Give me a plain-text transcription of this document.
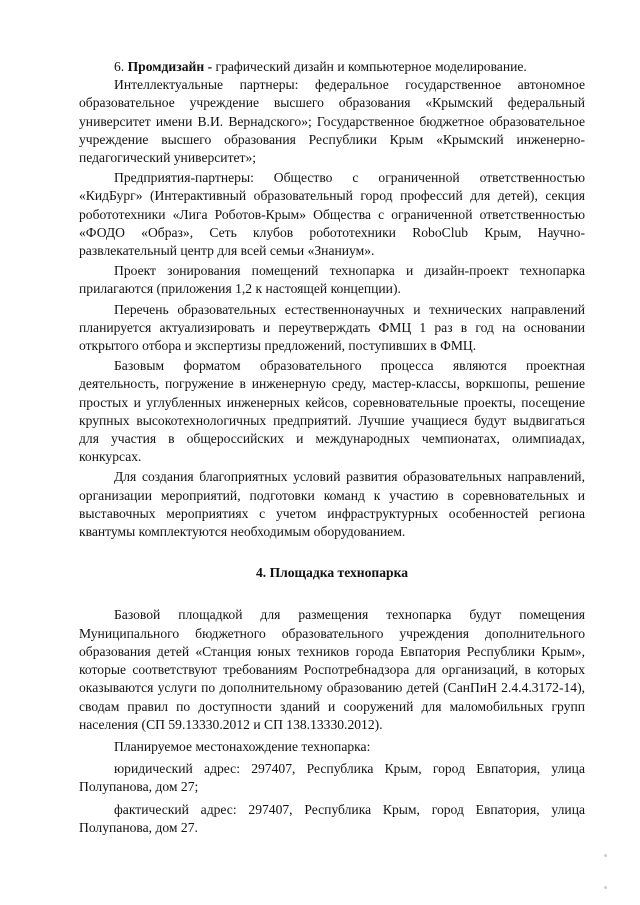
6. Промдизайн - графический дизайн и компьютерное моделирование.

Интеллектуальные партнеры: федеральное государственное автономное образовательное учреждение высшего образования «Крымский федеральный университет имени В.И. Вернадского»; Государственное бюджетное образовательное учреждение высшего образования Республики Крым «Крымский инженерно-педагогический университет»;

Предприятия-партнеры: Общество с ограниченной ответственностью «КидБург» (Интерактивный образовательный город профессий для детей), секция робототехники «Лига Роботов-Крым» Общества с ограниченной ответственностью «ФОДО «Образ», Сеть клубов робототехники RoboClub Крым, Научно-развлекательный центр для всей семьи «Знаниум».

Проект зонирования помещений технопарка и дизайн-проект технопарка прилагаются (приложения 1,2 к настоящей концепции).

Перечень образовательных естественнонаучных и технических направлений планируется актуализировать и переутверждать ФМЦ 1 раз в год на основании открытого отбора и экспертизы предложений, поступивших в ФМЦ.

Базовым форматом образовательного процесса являются проектная деятельность, погружение в инженерную среду, мастер-классы, воркшопы, решение простых и углубленных инженерных кейсов, соревновательные проекты, посещение крупных высокотехнологичных предприятий. Лучшие учащиеся будут выдвигаться для участия в общероссийских и международных чемпионатах, олимпиадах, конкурсах.

Для создания благоприятных условий развития образовательных направлений, организации мероприятий, подготовки команд к участию в соревновательных и выставочных мероприятиях с учетом инфраструктурных особенностей региона квантумы комплектуются необходимым оборудованием.

4. Площадка технопарка

Базовой площадкой для размещения технопарка будут помещения Муниципального бюджетного образовательного учреждения дополнительного образования детей «Станция юных техников города Евпатория Республики Крым», которые соответствуют требованиям Роспотребнадзора для организаций, в которых оказываются услуги по дополнительному образованию детей (СанПиН 2.4.4.3172-14), сводам правил по доступности зданий и сооружений для маломобильных групп населения (СП 59.13330.2012 и СП 138.13330.2012).

Планируемое местонахождение технопарка:

юридический адрес: 297407, Республика Крым, город Евпатория, улица Полупанова, дом 27;

фактический адрес: 297407, Республика Крым, город Евпатория, улица Полупанова, дом 27.
